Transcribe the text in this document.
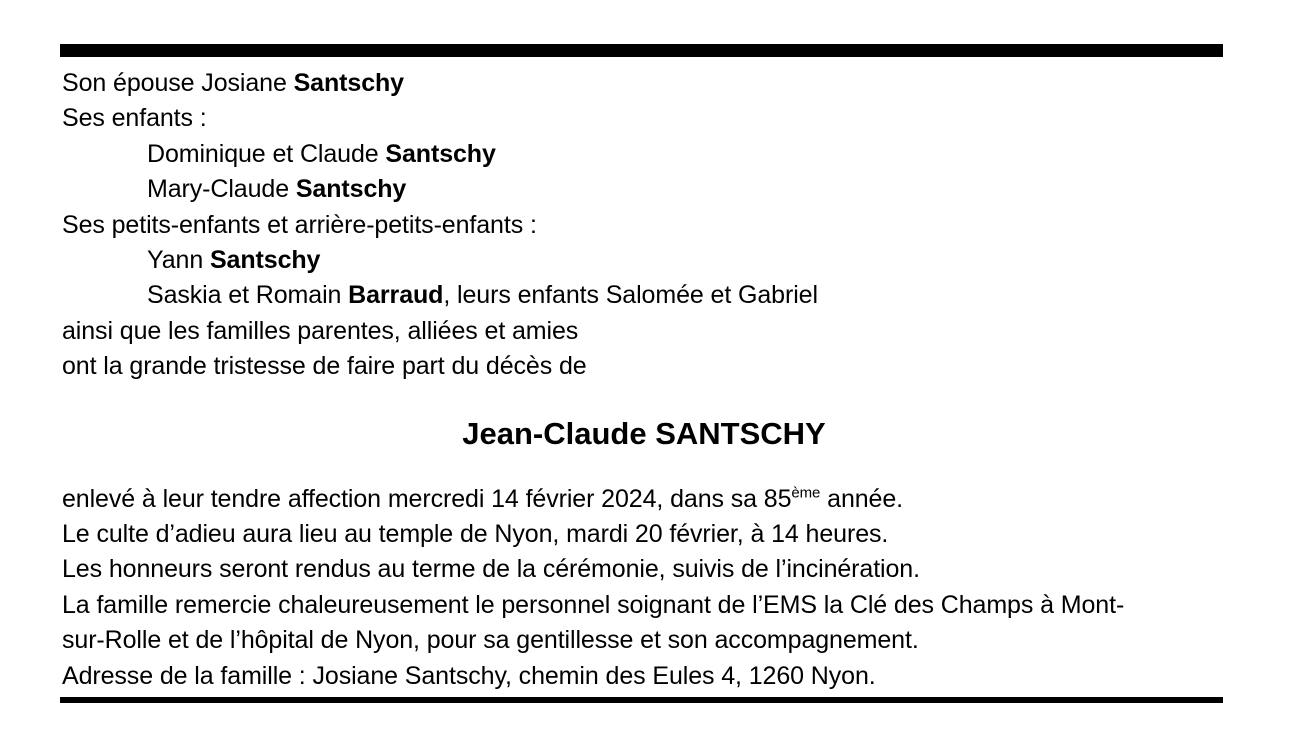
Son épouse Josiane Santschy
Ses enfants :
Dominique et Claude Santschy
Mary-Claude Santschy
Ses petits-enfants et arrière-petits-enfants :
Yann Santschy
Saskia et Romain Barraud, leurs enfants Salomée et Gabriel
ainsi que les familles parentes, alliées et amies
ont la grande tristesse de faire part du décès de
Jean-Claude SANTSCHY
enlevé à leur tendre affection mercredi 14 février 2024, dans sa 85ème année.
Le culte d’adieu aura lieu au temple de Nyon, mardi 20 février, à 14 heures.
Les honneurs seront rendus au terme de la cérémonie, suivis de l’incinération.
La famille remercie chaleureusement le personnel soignant de l’EMS la Clé des Champs à Mont-
sur-Rolle et de l’hôpital de Nyon, pour sa gentillesse et son accompagnement.
Adresse de la famille : Josiane Santschy, chemin des Eules 4, 1260 Nyon.
